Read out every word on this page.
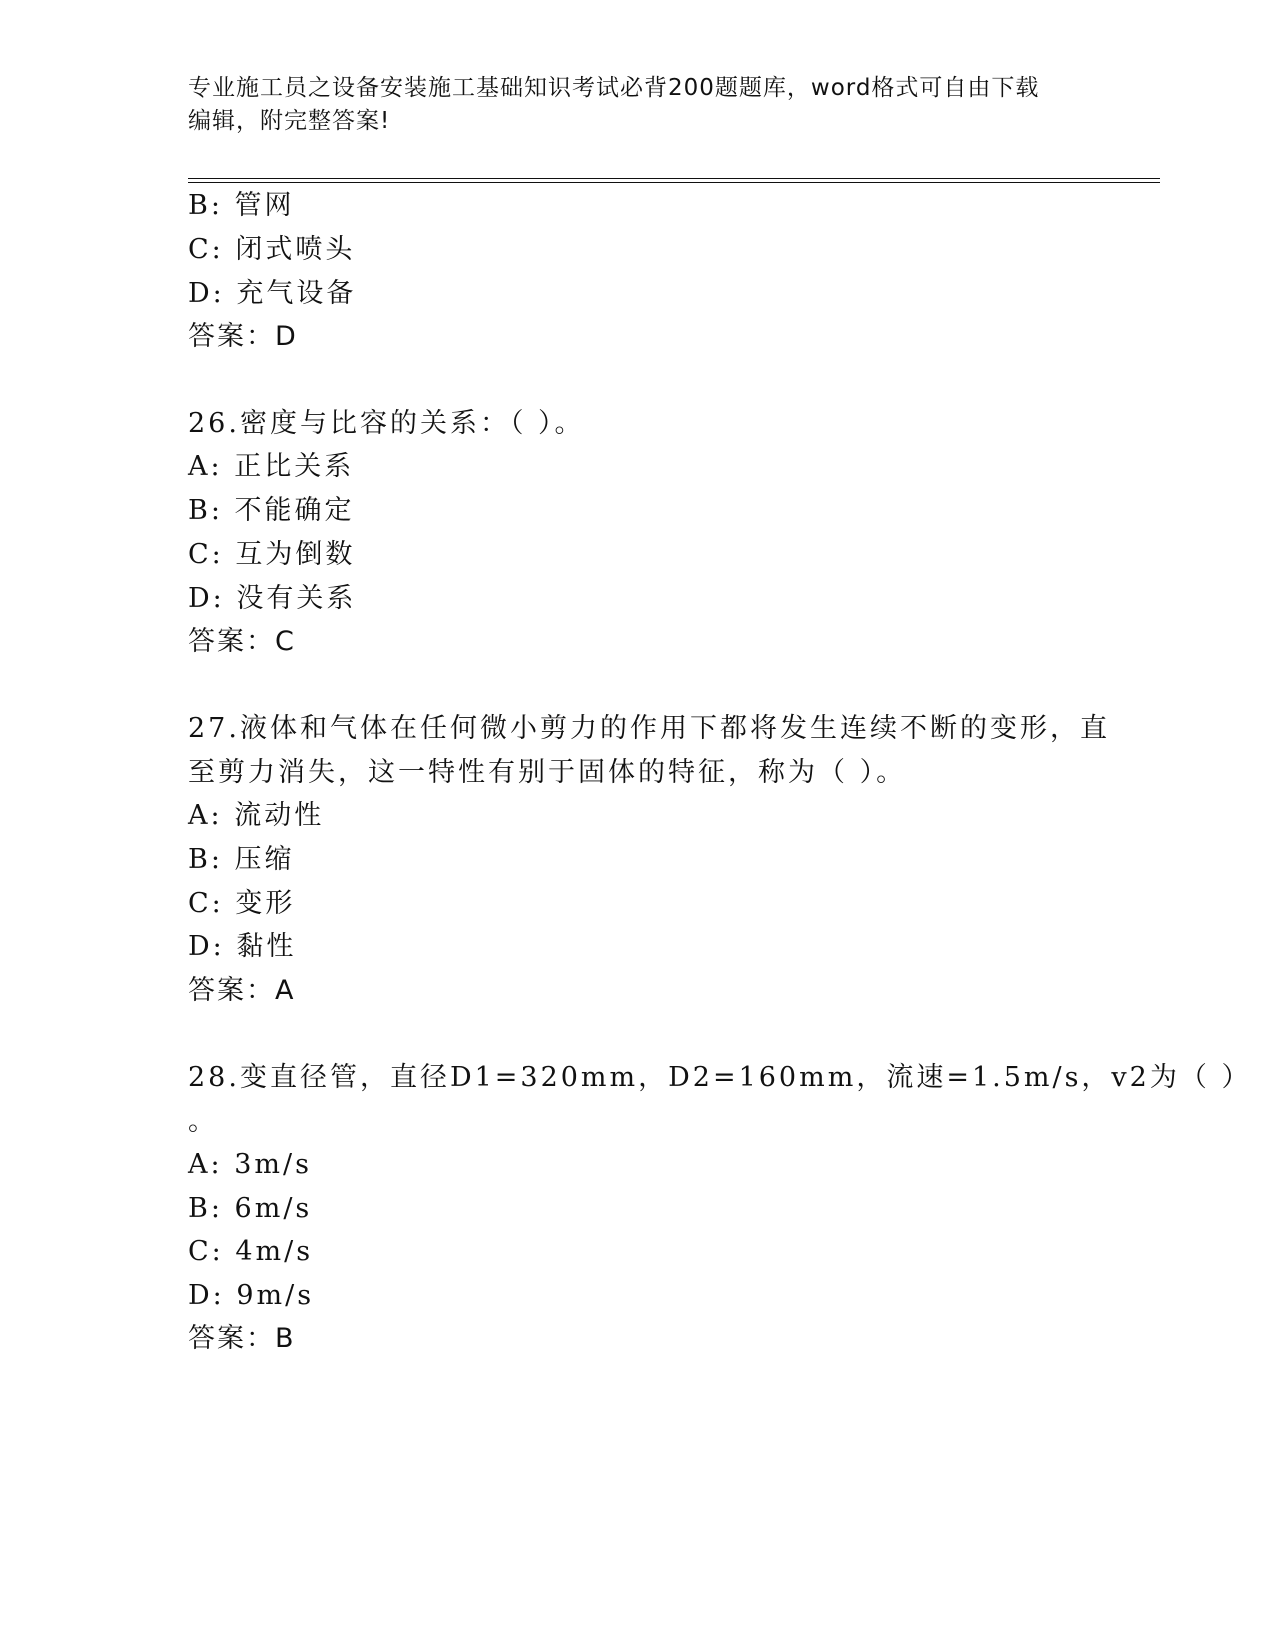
专业施工员之设备安装施工基础知识考试必背200题题库，word格式可自由下载
编辑，附完整答案!
B: 管网
C: 闭式喷头
D: 充气设备
答案：D
26.密度与比容的关系：（ ）。
A: 正比关系
B: 不能确定
C: 互为倒数
D: 没有关系
答案：C
27.液体和气体在任何微小剪力的作用下都将发生连续不断的变形，直
至剪力消失，这一特性有别于固体的特征，称为（ ）。
A: 流动性
B: 压缩
C: 变形
D: 黏性
答案：A
28.变直径管，直径D1=320mm，D2=160mm，流速=1.5m/s，v2为（ ）
。
A: 3m/s
B: 6m/s
C: 4m/s
D: 9m/s
答案：B
